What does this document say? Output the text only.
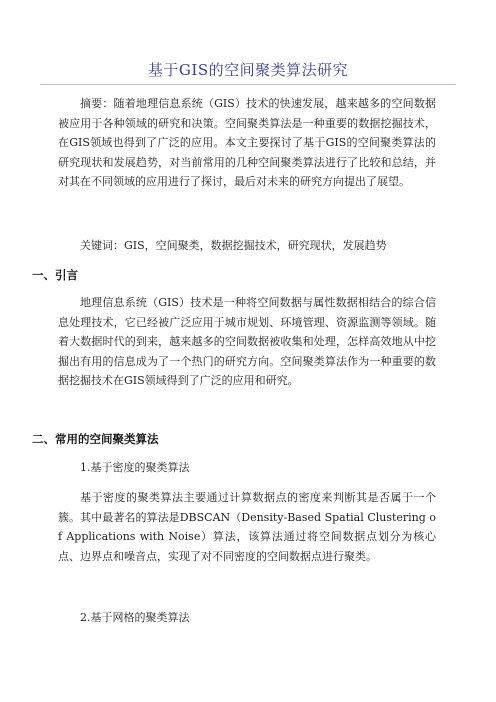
基于GIS的空间聚类算法研究

摘要：随着地理信息系统（GIS）技术的快速发展，越来越多的空间数据被应用于各种领域的研究和决策。空间聚类算法是一种重要的数据挖掘技术，在GIS领域也得到了广泛的应用。本文主要探讨了基于GIS的空间聚类算法的研究现状和发展趋势，对当前常用的几种空间聚类算法进行了比较和总结，并对其在不同领域的应用进行了探讨，最后对未来的研究方向提出了展望。

关键词：GIS，空间聚类，数据挖掘技术，研究现状，发展趋势

一、引言

地理信息系统（GIS）技术是一种将空间数据与属性数据相结合的综合信息处理技术，它已经被广泛应用于城市规划、环境管理、资源监测等领域。随着大数据时代的到来，越来越多的空间数据被收集和处理，怎样高效地从中挖掘出有用的信息成为了一个热门的研究方向。空间聚类算法作为一种重要的数据挖掘技术在GIS领域得到了广泛的应用和研究。

二、常用的空间聚类算法

1.基于密度的聚类算法

基于密度的聚类算法主要通过计算数据点的密度来判断其是否属于一个簇。其中最著名的算法是DBSCAN（Density-Based Spatial Clustering of Applications with Noise）算法，该算法通过将空间数据点划分为核心点、边界点和噪音点，实现了对不同密度的空间数据点进行聚类。

2.基于网格的聚类算法
